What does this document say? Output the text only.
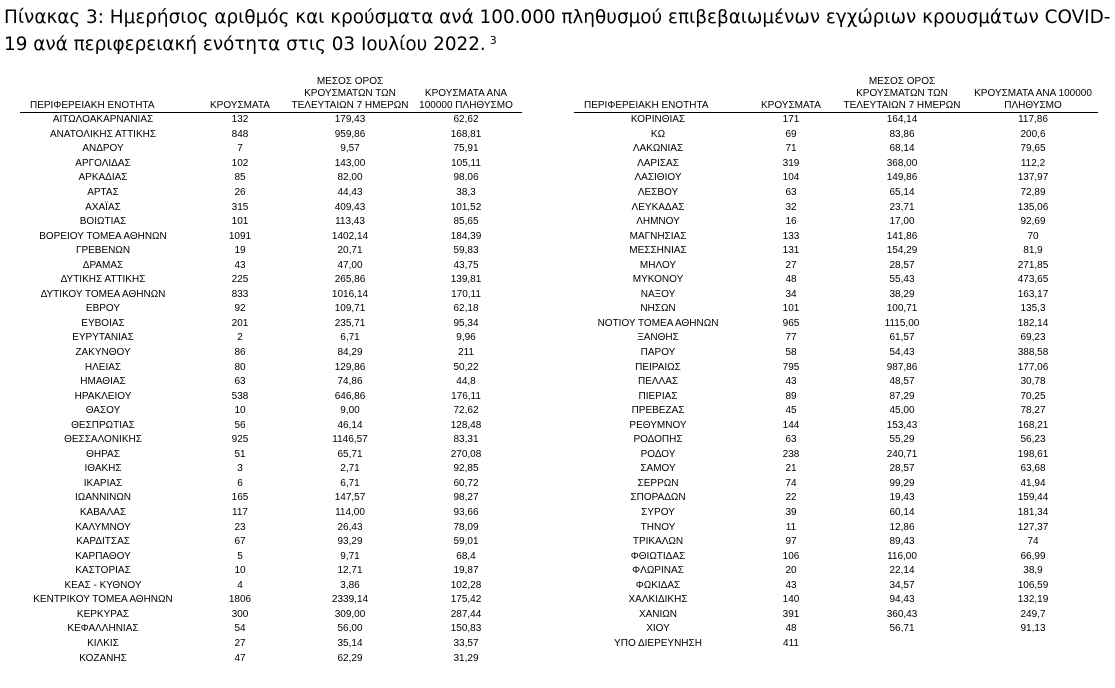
Πίνακας 3: Ημερήσιος αριθμός και κρούσματα ανά 100.000 πληθυσμού επιβεβαιωμένων εγχώριων κρουσμάτων COVID-19 ανά περιφερειακή ενότητα στις 03 Ιουλίου 2022. $^3$
ΠΕΡΙΦΕΡΕΙΑΚΗ ΕΝΟΤΗΤΑ	ΚΡΟΥΣΜΑΤΑ	ΜΕΣΟΣ ΟΡΟΣ ΚΡΟΥΣΜΑΤΩΝ ΤΩΝ ΤΕΛΕΥΤΑΙΩΝ 7 ΗΜΕΡΩΝ	ΚΡΟΥΣΜΑΤΑ ΑΝΑ 100000 ΠΛΗΘΥΣΜΟ
ΑΙΤΩΛΟΑΚΑΡΝΑΝΙΑΣ	132	179,43	62,62
ΑΝΑΤΟΛΙΚΗΣ ΑΤΤΙΚΗΣ	848	959,86	168,81
ΑΝΔΡΟΥ	7	9,57	75,91
ΑΡΓΟΛΙΔΑΣ	102	143,00	105,11
ΑΡΚΑΔΙΑΣ	85	82,00	98,06
ΑΡΤΑΣ	26	44,43	38,3
ΑΧΑΪΑΣ	315	409,43	101,52
ΒΟΙΩΤΙΑΣ	101	113,43	85,65
ΒΟΡΕΙΟΥ ΤΟΜΕΑ ΑΘΗΝΩΝ	1091	1402,14	184,39
ΓΡΕΒΕΝΩΝ	19	20,71	59,83
ΔΡΑΜΑΣ	43	47,00	43,75
ΔΥΤΙΚΗΣ ΑΤΤΙΚΗΣ	225	265,86	139,81
ΔΥΤΙΚΟΥ ΤΟΜΕΑ ΑΘΗΝΩΝ	833	1016,14	170,11
ΕΒΡΟΥ	92	109,71	62,18
ΕΥΒΟΙΑΣ	201	235,71	95,34
ΕΥΡΥΤΑΝΙΑΣ	2	6,71	9,96
ΖΑΚΥΝΘΟΥ	86	84,29	211
ΗΛΕΙΑΣ	80	129,86	50,22
ΗΜΑΘΙΑΣ	63	74,86	44,8
ΗΡΑΚΛΕΙΟΥ	538	646,86	176,11
ΘΑΣΟΥ	10	9,00	72,62
ΘΕΣΠΡΩΤΙΑΣ	56	46,14	128,48
ΘΕΣΣΑΛΟΝΙΚΗΣ	925	1146,57	83,31
ΘΗΡΑΣ	51	65,71	270,08
ΙΘΑΚΗΣ	3	2,71	92,85
ΙΚΑΡΙΑΣ	6	6,71	60,72
ΙΩΑΝΝΙΝΩΝ	165	147,57	98,27
ΚΑΒΑΛΑΣ	117	114,00	93,66
ΚΑΛΥΜΝΟΥ	23	26,43	78,09
ΚΑΡΔΙΤΣΑΣ	67	93,29	59,01
ΚΑΡΠΑΘΟΥ	5	9,71	68,4
ΚΑΣΤΟΡΙΑΣ	10	12,71	19,87
ΚΕΑΣ - ΚΥΘΝΟΥ	4	3,86	102,28
ΚΕΝΤΡΙΚΟΥ ΤΟΜΕΑ ΑΘΗΝΩΝ	1806	2339,14	175,42
ΚΕΡΚΥΡΑΣ	300	309,00	287,44
ΚΕΦΑΛΛΗΝΙΑΣ	54	56,00	150,83
ΚΙΛΚΙΣ	27	35,14	33,57
ΚΟΖΑΝΗΣ	47	62,29	31,29
ΠΕΡΙΦΕΡΕΙΑΚΗ ΕΝΟΤΗΤΑ	ΚΡΟΥΣΜΑΤΑ	ΜΕΣΟΣ ΟΡΟΣ ΚΡΟΥΣΜΑΤΩΝ ΤΩΝ ΤΕΛΕΥΤΑΙΩΝ 7 ΗΜΕΡΩΝ	ΚΡΟΥΣΜΑΤΑ ΑΝΑ 100000 ΠΛΗΘΥΣΜΟ
ΚΟΡΙΝΘΙΑΣ	171	164,14	117,86
ΚΩ	69	83,86	200,6
ΛΑΚΩΝΙΑΣ	71	68,14	79,65
ΛΑΡΙΣΑΣ	319	368,00	112,2
ΛΑΣΙΘΙΟΥ	104	149,86	137,97
ΛΕΣΒΟΥ	63	65,14	72,89
ΛΕΥΚΑΔΑΣ	32	23,71	135,06
ΛΗΜΝΟΥ	16	17,00	92,69
ΜΑΓΝΗΣΙΑΣ	133	141,86	70
ΜΕΣΣΗΝΙΑΣ	131	154,29	81,9
ΜΗΛΟΥ	27	28,57	271,85
ΜΥΚΟΝΟΥ	48	55,43	473,65
ΝΑΞΟΥ	34	38,29	163,17
ΝΗΣΩΝ	101	100,71	135,3
ΝΟΤΙΟΥ ΤΟΜΕΑ ΑΘΗΝΩΝ	965	1115,00	182,14
ΞΑΝΘΗΣ	77	61,57	69,23
ΠΑΡΟΥ	58	54,43	388,58
ΠΕΙΡΑΙΩΣ	795	987,86	177,06
ΠΕΛΛΑΣ	43	48,57	30,78
ΠΙΕΡΙΑΣ	89	87,29	70,25
ΠΡΕΒΕΖΑΣ	45	45,00	78,27
ΡΕΘΥΜΝΟΥ	144	153,43	168,21
ΡΟΔΟΠΗΣ	63	55,29	56,23
ΡΟΔΟΥ	238	240,71	198,61
ΣΑΜΟΥ	21	28,57	63,68
ΣΕΡΡΩΝ	74	99,29	41,94
ΣΠΟΡΑΔΩΝ	22	19,43	159,44
ΣΥΡΟΥ	39	60,14	181,34
ΤΗΝΟΥ	11	12,86	127,37
ΤΡΙΚΑΛΩΝ	97	89,43	74
ΦΘΙΩΤΙΔΑΣ	106	116,00	66,99
ΦΛΩΡΙΝΑΣ	20	22,14	38,9
ΦΩΚΙΔΑΣ	43	34,57	106,59
ΧΑΛΚΙΔΙΚΗΣ	140	94,43	132,19
ΧΑΝΙΩΝ	391	360,43	249,7
ΧΙΟΥ	48	56,71	91,13
ΥΠΟ ΔΙΕΡΕΥΝΗΣΗ	411		
